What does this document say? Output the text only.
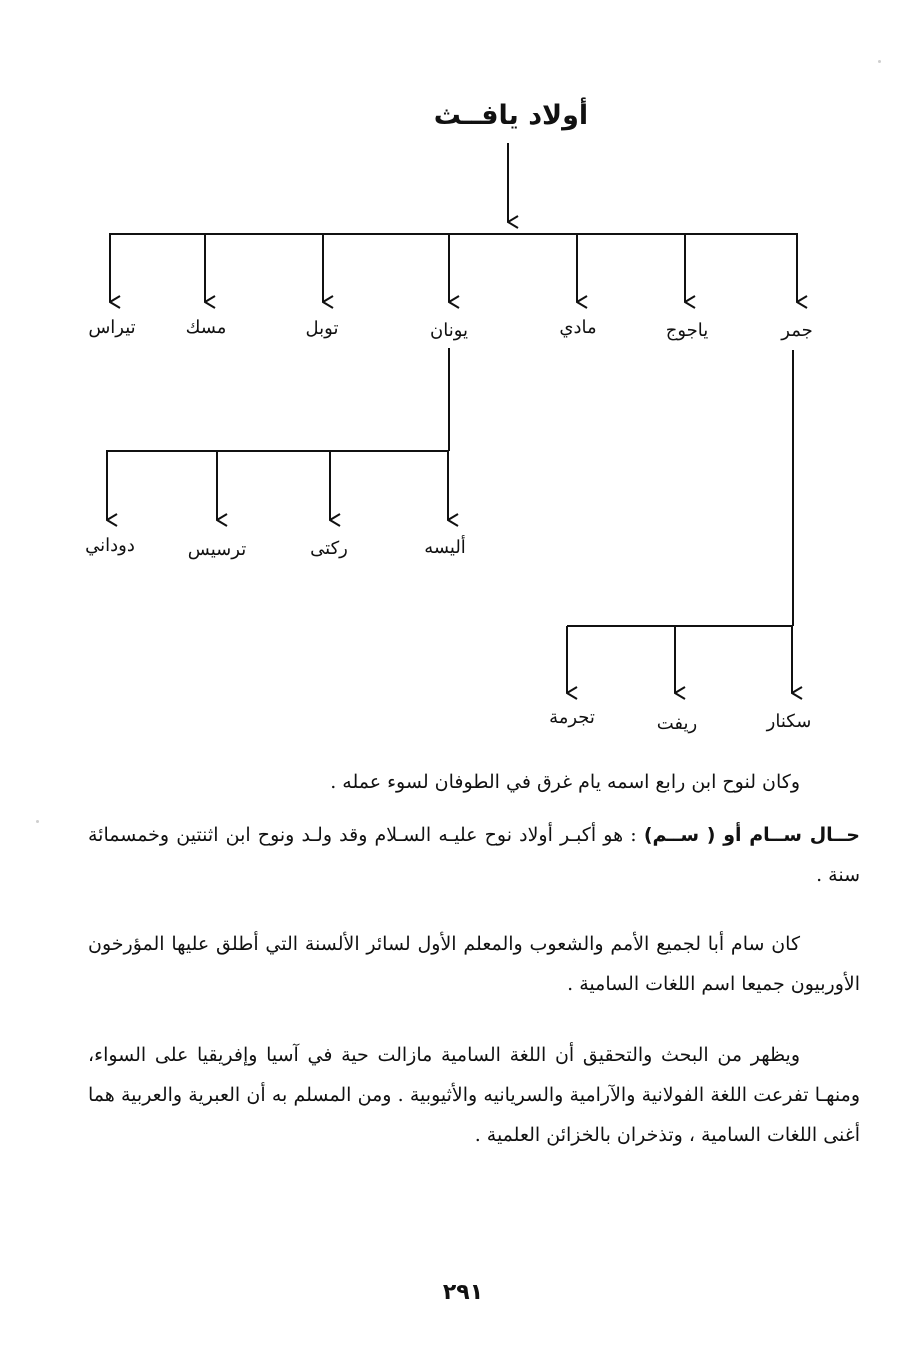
أولاد يافــث
جمر
ياجوج
مادي
يونان
توبل
مسك
تيراس
أليسه
ركتى
ترسيس
دوداني
سكنار
ريفت
تجرمة

وكان لنوح ابن رابع اسمه يام غرق في الطوفان لسوء عمله .

حــال ســام أو ( ســم) : هو أكبـر أولاد نوح عليـه السـلام وقد ولـد ونوح ابن اثنتين وخمسمائة سنة .

كان سام أبا لجميع الأمم والشعوب والمعلم الأول لسائر الألسنة التي أطلق عليها المؤرخون الأوربيون جميعا اسم اللغات السامية .

ويظهر من البحث والتحقيق أن اللغة السامية مازالت حية في آسيا وإفريقيا على السواء، ومنهـا تفرعت اللغة الفولانية والآرامية والسريانيه والأثيوبية . ومن المسلم به أن العبرية والعربية هما أغنى اللغات السامية ، وتذخران بالخزائن العلمية .

٢٩١
